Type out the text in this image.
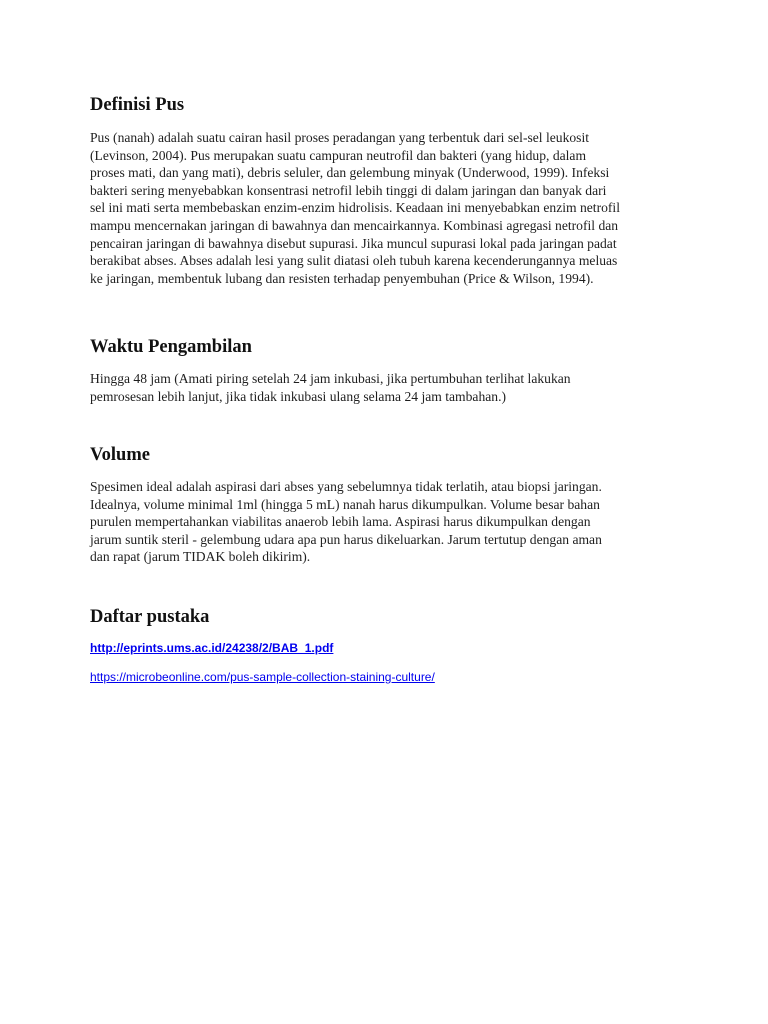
Definisi Pus
Pus (nanah) adalah suatu cairan hasil proses peradangan yang terbentuk dari sel-sel leukosit
(Levinson, 2004). Pus merupakan suatu campuran neutrofil dan bakteri (yang hidup, dalam
proses mati, dan yang mati), debris seluler, dan gelembung minyak (Underwood, 1999). Infeksi
bakteri sering menyebabkan konsentrasi netrofil lebih tinggi di dalam jaringan dan banyak dari
sel ini mati serta membebaskan enzim-enzim hidrolisis. Keadaan ini menyebabkan enzim netrofil
mampu mencernakan jaringan di bawahnya dan mencairkannya. Kombinasi agregasi netrofil dan
pencairan jaringan di bawahnya disebut supurasi. Jika muncul supurasi lokal pada jaringan padat
berakibat abses. Abses adalah lesi yang sulit diatasi oleh tubuh karena kecenderungannya meluas
ke jaringan, membentuk lubang dan resisten terhadap penyembuhan (Price & Wilson, 1994).
Waktu Pengambilan
Hingga 48 jam (Amati piring setelah 24 jam inkubasi, jika pertumbuhan terlihat lakukan
pemrosesan lebih lanjut, jika tidak inkubasi ulang selama 24 jam tambahan.)
Volume
Spesimen ideal adalah aspirasi dari abses yang sebelumnya tidak terlatih, atau biopsi jaringan.
Idealnya, volume minimal 1ml (hingga 5 mL) nanah harus dikumpulkan. Volume besar bahan
purulen mempertahankan viabilitas anaerob lebih lama. Aspirasi harus dikumpulkan dengan
jarum suntik steril - gelembung udara apa pun harus dikeluarkan. Jarum tertutup dengan aman
dan rapat (jarum TIDAK boleh dikirim).
Daftar pustaka
http://eprints.ums.ac.id/24238/2/BAB_1.pdf
https://microbeonline.com/pus-sample-collection-staining-culture/
